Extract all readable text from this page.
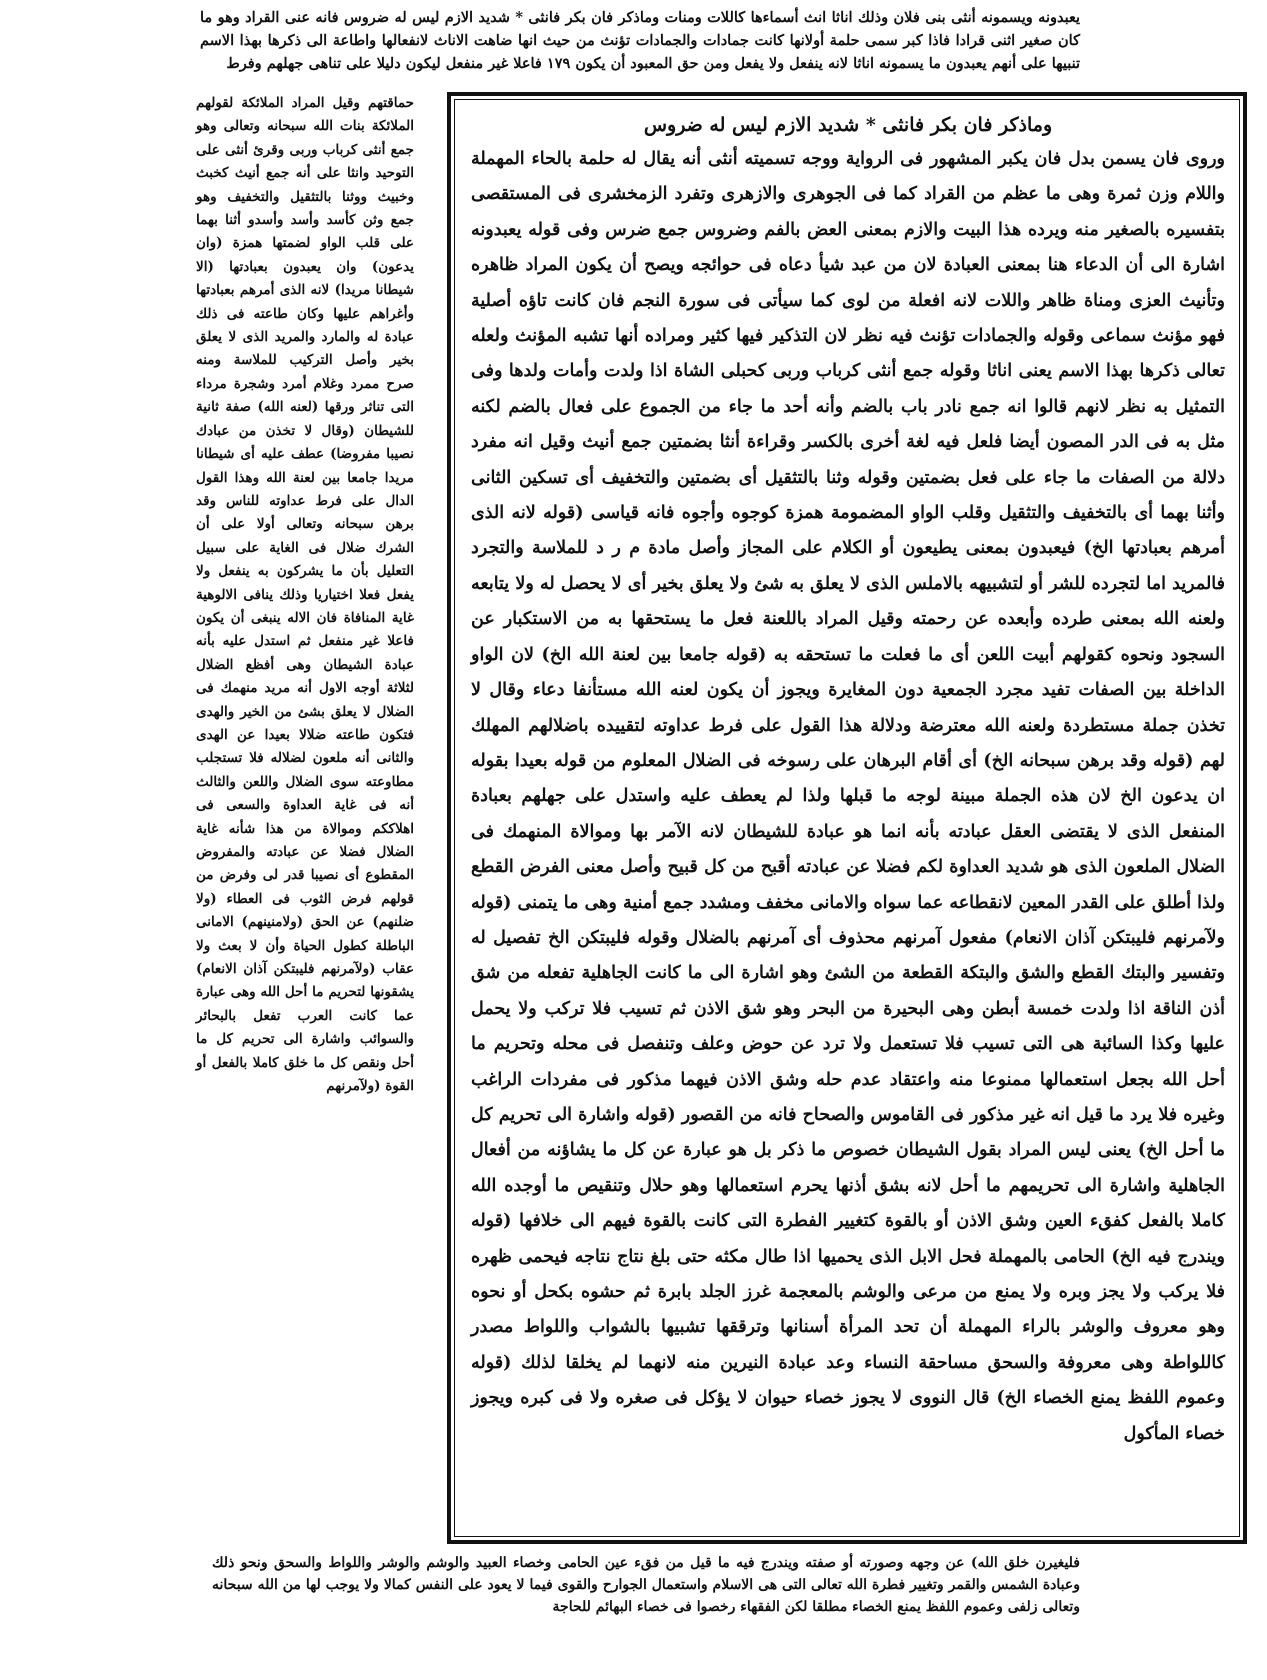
يعبدونه ويسمونه أنثى بنى فلان وذلك اناثا انث أسماءها كاللات ومنات وماذكر فان بكر فانثى * شديد الازم ليس له ضروس فانه عنى القراد وهو ما كان صغير اثنى قرادا فاذا كبر سمى حلمة أولانها كانت جمادات والجمادات تؤنث من حيث انها ضاهت الاناث لانفعالها واطاعة الى ذكرها بهذا الاسم تنبيها على أنهم يعبدون ما يسمونه اناثا لانه ينفعل ولا يفعل ومن حق المعبود أن يكون ١٧٩ فاعلا غير منفعل ليكون دليلا على تناهى جهلهم وفرط
حماقتهم وقيل المراد الملائكة لقولهم الملائكة بنات الله سبحانه وتعالى وهو جمع أنثى كرباب وربى وقرئ أنثى على التوحيد وانثا على أنه جمع أنيث كخبث وخبيث ووثنا بالتثقيل والتخفيف وهو جمع وثن كأسد وأسد وأسدو أثنا بهما على قلب الواو لضمتها همزة (وان يدعون) وان يعبدون بعبادتها (الا شيطانا مريدا) لانه الذى أمرهم بعبادتها وأغراهم عليها وكان طاعته فى ذلك عبادة له والمارد والمريد الذى لا يعلق بخير وأصل التركيب للملاسة ومنه صرح ممرد وغلام أمرد وشجرة مرداء التى تناثر ورقها (لعنه الله) صفة ثانية للشيطان (وقال لا تخذن من عبادك نصيبا مفروضا) عطف عليه أى شيطانا مريدا جامعا بين لعنة الله وهذا القول الدال على فرط عداوته للناس وقد برهن سبحانه وتعالى أولا على أن الشرك ضلال فى الغاية على سبيل التعليل بأن ما يشركون به ينفعل ولا يفعل فعلا اختياريا وذلك ينافى الالوهية غاية المنافاة فان الاله ينبغى أن يكون فاعلا غير منفعل ثم استدل عليه بأنه عبادة الشيطان وهى أفظع الضلال لثلاثة أوجه الاول أنه مريد منهمك فى الضلال لا يعلق بشئ من الخير والهدى فتكون طاعته ضلالا بعيدا عن الهدى والثانى أنه ملعون لضلاله فلا تستجلب مطاوعته سوى الضلال واللعن والثالث أنه فى غاية العداوة والسعى فى اهلاككم وموالاة من هذا شأنه غاية الضلال فضلا عن عبادته والمفروض المقطوع أى نصيبا قدر لى وفرض من قولهم فرض الثوب فى العطاء (ولا ضلنهم) عن الحق (ولامنينهم) الامانى الباطلة كطول الحياة وأن لا بعث ولا عقاب (ولآمرنهم فليبتكن آذان الانعام) يشقونها لتحريم ما أحل الله وهى عبارة عما كانت العرب تفعل بالبحائر والسوائب واشارة الى تحريم كل ما أحل ونقص كل ما خلق كاملا بالفعل أو القوة (ولآمرنهم
وماذكر فان بكر فانثى * شديد الازم ليس له ضروس
وروى فان يسمن بدل فان يكبر المشهور فى الرواية ووجه تسميته أنثى أنه يقال له حلمة بالحاء المهملة واللام وزن ثمرة وهى ما عظم من القراد كما فى الجوهرى والازهرى وتفرد الزمخشرى فى المستقصى بتفسيره بالصغير منه ويرده هذا البيت والازم بمعنى العض بالفم وضروس جمع ضرس وفى قوله يعبدونه اشارة الى أن الدعاء هنا بمعنى العبادة لان من عبد شيأ دعاه فى حوائجه ويصح أن يكون المراد ظاهره وتأنيث العزى ومناة ظاهر واللات لانه افعلة من لوى كما سيأتى فى سورة النجم فان كانت تاؤه أصلية فهو مؤنث سماعى وقوله والجمادات تؤنث فيه نظر لان التذكير فيها كثير ومراده أنها تشبه المؤنث ولعله تعالى ذكرها بهذا الاسم يعنى اناثا وقوله جمع أنثى كرباب وربى كحبلى الشاة اذا ولدت وأمات ولدها وفى التمثيل به نظر لانهم قالوا انه جمع نادر باب بالضم وأنه أحد ما جاء من الجموع على فعال بالضم لكنه مثل به فى الدر المصون أيضا فلعل فيه لغة أخرى بالكسر وقراءة أنثا بضمتين جمع أنيث وقيل انه مفرد دلالة من الصفات ما جاء على فعل بضمتين وقوله وثنا بالتثقيل أى بضمتين والتخفيف أى تسكين الثانى وأثنا بهما أى بالتخفيف والتثقيل وقلب الواو المضمومة همزة كوجوه وأجوه فانه قياسى (قوله لانه الذى أمرهم بعبادتها الخ) فيعبدون بمعنى يطيعون أو الكلام على المجاز وأصل مادة م ر د للملاسة والتجرد فالمريد اما لتجرده للشر أو لتشبيهه بالاملس الذى لا يعلق به شئ ولا يعلق بخير أى لا يحصل له ولا يتابعه ولعنه الله بمعنى طرده وأبعده عن رحمته وقيل المراد باللعنة فعل ما يستحقها به من الاستكبار عن السجود ونحوه كقولهم أبيت اللعن أى ما فعلت ما تستحقه به (قوله جامعا بين لعنة الله الخ) لان الواو الداخلة بين الصفات تفيد مجرد الجمعية دون المغايرة ويجوز أن يكون لعنه الله مستأنفا دعاء وقال لا تخذن جملة مستطردة ولعنه الله معترضة ودلالة هذا القول على فرط عداوته لتقييده باضلالهم المهلك لهم (قوله وقد برهن سبحانه الخ) أى أقام البرهان على رسوخه فى الضلال المعلوم من قوله بعيدا بقوله ان يدعون الخ لان هذه الجملة مبينة لوجه ما قبلها ولذا لم يعطف عليه واستدل على جهلهم بعبادة المنفعل الذى لا يقتضى العقل عبادته بأنه انما هو عبادة للشيطان لانه الآمر بها وموالاة المنهمك فى الضلال الملعون الذى هو شديد العداوة لكم فضلا عن عبادته أقبح من كل قبيح وأصل معنى الفرض القطع ولذا أطلق على القدر المعين لانقطاعه عما سواه والامانى مخفف ومشدد جمع أمنية وهى ما يتمنى (قوله ولآمرنهم فليبتكن آذان الانعام) مفعول آمرنهم محذوف أى آمرنهم بالضلال وقوله فليبتكن الخ تفصيل له وتفسير والبتك القطع والشق والبتكة القطعة من الشئ وهو اشارة الى ما كانت الجاهلية تفعله من شق أذن الناقة اذا ولدت خمسة أبطن وهى البحيرة من البحر وهو شق الاذن ثم تسيب فلا تركب ولا يحمل عليها وكذا السائبة هى التى تسيب فلا تستعمل ولا ترد عن حوض وعلف وتنفصل فى محله وتحريم ما أحل الله بجعل استعمالها ممنوعا منه واعتقاد عدم حله وشق الاذن فيهما مذكور فى مفردات الراغب وغيره فلا يرد ما قيل انه غير مذكور فى القاموس والصحاح فانه من القصور (قوله واشارة الى تحريم كل ما أحل الخ) يعنى ليس المراد بقول الشيطان خصوص ما ذكر بل هو عبارة عن كل ما يشاؤنه من أفعال الجاهلية واشارة الى تحريمهم ما أحل لانه بشق أذنها يحرم استعمالها وهو حلال وتنقيص ما أوجده الله كاملا بالفعل كفقء العين وشق الاذن أو بالقوة كتغيير الفطرة التى كانت بالقوة فيهم الى خلافها (قوله ويندرج فيه الخ) الحامى بالمهملة فحل الابل الذى يحميها اذا طال مكثه حتى بلغ نتاج نتاجه فيحمى ظهره فلا يركب ولا يجز وبره ولا يمنع من مرعى والوشم بالمعجمة غرز الجلد بابرة ثم حشوه بكحل أو نحوه وهو معروف والوشر بالراء المهملة أن تحد المرأة أسنانها وترققها تشبيها بالشواب واللواط مصدر كاللواطة وهى معروفة والسحق مساحقة النساء وعد عبادة النيرين منه لانهما لم يخلقا لذلك (قوله وعموم اللفظ يمنع الخصاء الخ) قال النووى لا يجوز خصاء حيوان لا يؤكل فى صغره ولا فى كبره ويجوز خصاء المأكول
فليغيرن خلق الله) عن وجهه وصورته أو صفته ويندرج فيه ما قيل من فقء عين الحامى وخصاء العبيد والوشم والوشر واللواط والسحق ونحو ذلك وعبادة الشمس والقمر وتغيير فطرة الله تعالى التى هى الاسلام واستعمال الجوارح والقوى فيما لا يعود على النفس كمالا ولا يوجب لها من الله سبحانه وتعالى زلفى وعموم اللفظ يمنع الخصاء مطلقا لكن الفقهاء رخصوا فى خصاء البهائم للحاجة
